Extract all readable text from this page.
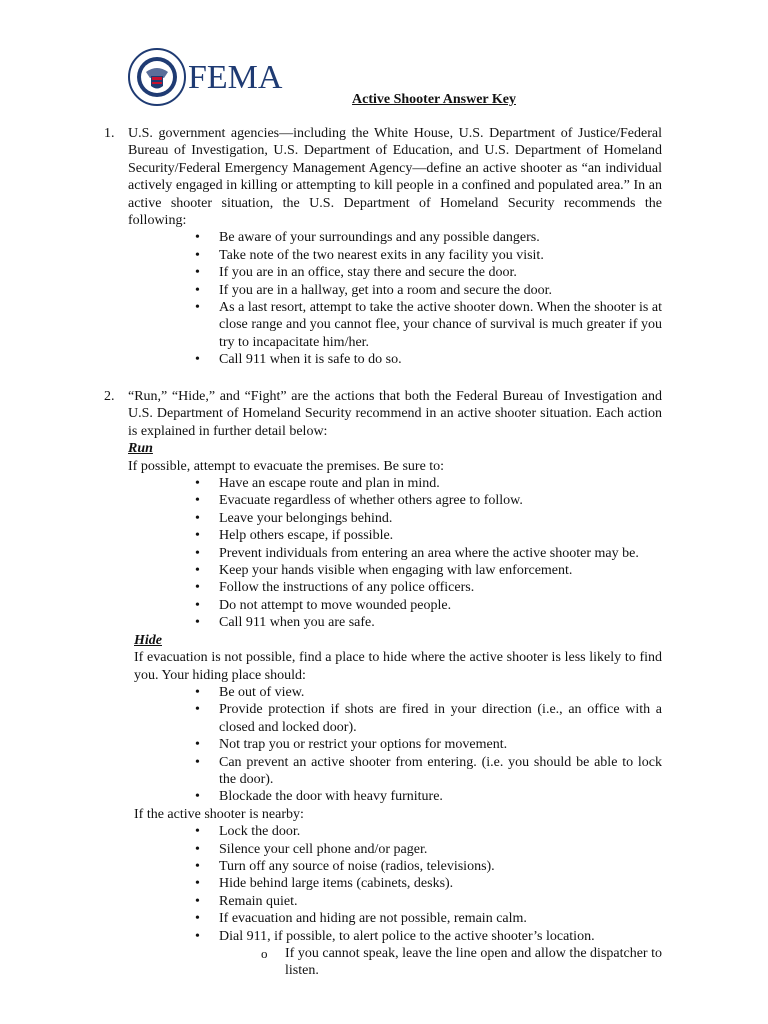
FEMA
Active Shooter Answer Key
1. U.S. government agencies—including the White House, U.S. Department of Justice/Federal Bureau of Investigation, U.S. Department of Education, and U.S. Department of Homeland Security/Federal Emergency Management Agency—define an active shooter as “an individual actively engaged in killing or attempting to kill people in a confined and populated area.” In an active shooter situation, the U.S. Department of Homeland Security recommends the following:

• Be aware of your surroundings and any possible dangers.
• Take note of the two nearest exits in any facility you visit.
• If you are in an office, stay there and secure the door.
• If you are in a hallway, get into a room and secure the door.
• As a last resort, attempt to take the active shooter down. When the shooter is at close range and you cannot flee, your chance of survival is much greater if you try to incapacitate him/her.
• Call 911 when it is safe to do so.
2. “Run,” “Hide,” and “Fight” are the actions that both the Federal Bureau of Investigation and U.S. Department of Homeland Security recommend in an active shooter situation. Each action is explained in further detail below:

Run

If possible, attempt to evacuate the premises. Be sure to:

• Have an escape route and plan in mind.
• Evacuate regardless of whether others agree to follow.
• Leave your belongings behind.
• Help others escape, if possible.
• Prevent individuals from entering an area where the active shooter may be.
• Keep your hands visible when engaging with law enforcement.
• Follow the instructions of any police officers.
• Do not attempt to move wounded people.
• Call 911 when you are safe.

Hide

If evacuation is not possible, find a place to hide where the active shooter is less likely to find you. Your hiding place should:

• Be out of view.
• Provide protection if shots are fired in your direction (i.e., an office with a closed and locked door).
• Not trap you or restrict your options for movement.
• Can prevent an active shooter from entering. (i.e. you should be able to lock the door).
• Blockade the door with heavy furniture.

If the active shooter is nearby:

• Lock the door.
• Silence your cell phone and/or pager.
• Turn off any source of noise (radios, televisions).
• Hide behind large items (cabinets, desks).
• Remain quiet.
• If evacuation and hiding are not possible, remain calm.
• Dial 911, if possible, to alert police to the active shooter’s location.
o If you cannot speak, leave the line open and allow the dispatcher to listen.
